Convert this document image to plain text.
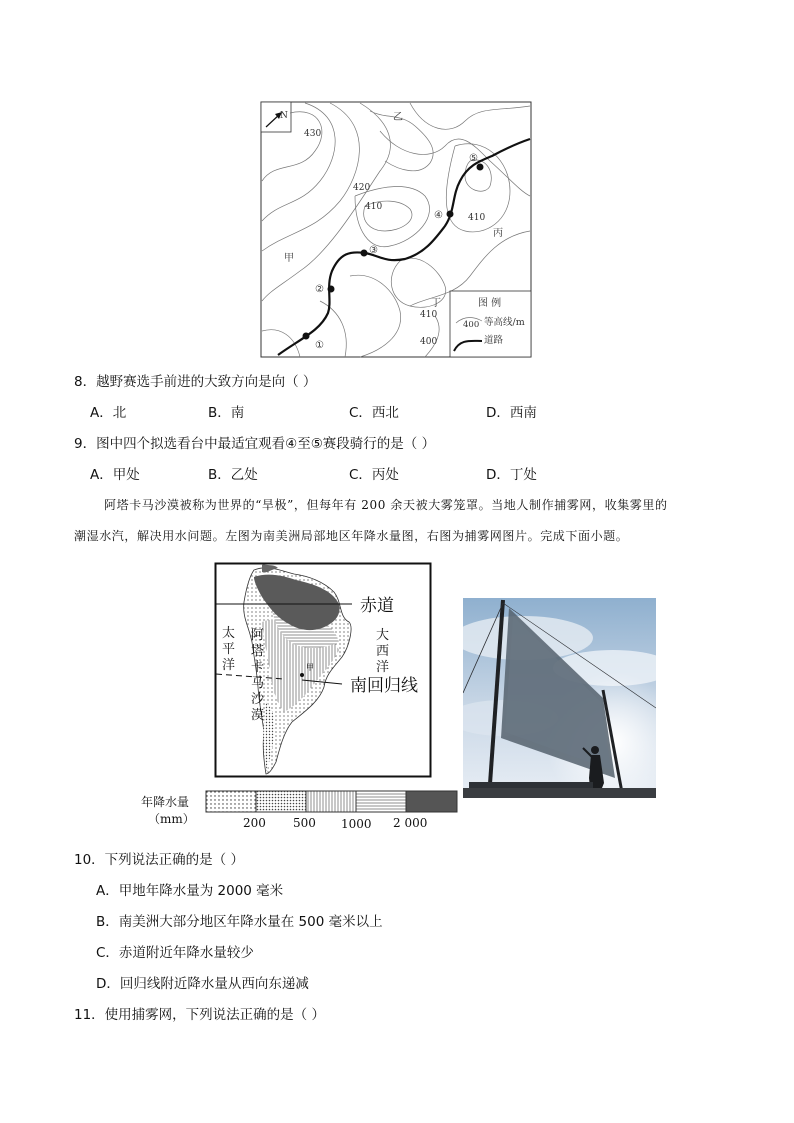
N
①
②
③
④
⑤
乙
甲
丙
丁
430
420
410
410
410
400
图 例
400 等高线/m
道路
8．越野赛选手前进的大致方向是向（ ）
A．北	B．南	C．西北	D．西南
9．图中四个拟选看台中最适宜观看④至⑤赛段骑行的是（ ）
A．甲处	B．乙处	C．丙处	D．丁处
阿塔卡马沙漠被称为世界的“旱极”，但每年有 200 余天被大雾笼罩。当地人制作捕雾网，收集雾里的
潮湿水汽，解决用水问题。左图为南美洲局部地区年降水量图，右图为捕雾网图片。完成下面小题。
赤道
南回归线
太
平
洋
大
西
洋
阿
塔
卡
马
沙
漠
甲
年降水量
（mm）	200 500 1000 2 000
10．下列说法正确的是（ ）
A．甲地年降水量为 2000 毫米
B．南美洲大部分地区年降水量在 500 毫米以上
C．赤道附近年降水量较少
D．回归线附近降水量从西向东递减
11．使用捕雾网，下列说法正确的是（ ）
